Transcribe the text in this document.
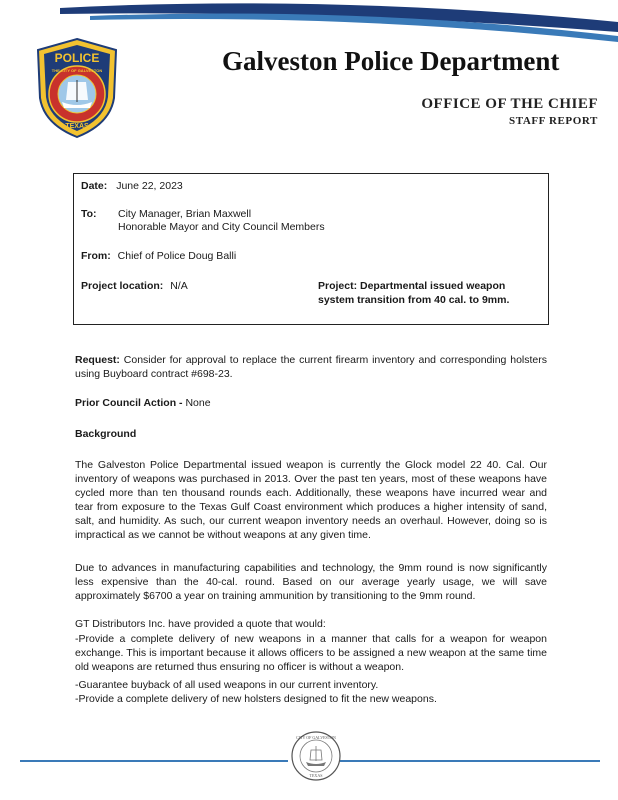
POLICE
TEXAS
THE CITY OF GALVESTON	Galveston Police Department
OFFICE OF THE CHIEF
STAFF REPORT
Date: June 22, 2023
To: City Manager, Brian Maxwell
Honorable Mayor and City Council Members
From: Chief of Police Doug Balli
Project location: N/A	Project: Departmental issued weapon
system transition from 40 cal. to 9mm.
Request: Consider for approval to replace the current firearm inventory and corresponding holsters using Buyboard contract #698-23.
Prior Council Action - None
Background
The Galveston Police Departmental issued weapon is currently the Glock model 22 40. Cal. Our inventory of weapons was purchased in 2013. Over the past ten years, most of these weapons have cycled more than ten thousand rounds each. Additionally, these weapons have incurred wear and tear from exposure to the Texas Gulf Coast environment which produces a higher intensity of sand, salt, and humidity. As such, our current weapon inventory needs an overhaul. However, doing so is impractical as we cannot be without weapons at any given time.
Due to advances in manufacturing capabilities and technology, the 9mm round is now significantly less expensive than the 40-cal. round. Based on our average yearly usage, we will save approximately $6700 a year on training ammunition by transitioning to the 9mm round.
GT Distributors Inc. have provided a quote that would:
-Provide a complete delivery of new weapons in a manner that calls for a weapon for weapon exchange. This is important because it allows officers to be assigned a new weapon at the same time old weapons are returned thus ensuring no officer is without a weapon.
-Guarantee buyback of all used weapons in our current inventory.
-Provide a complete delivery of new holsters designed to fit the new weapons.
CITY OF GALVESTON
TEXAS
